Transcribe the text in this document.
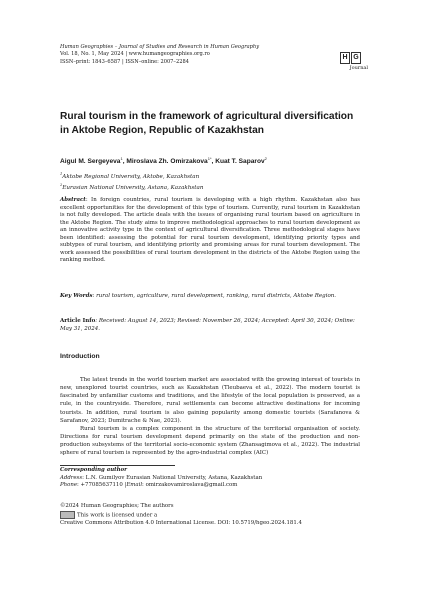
Human Geographies – Journal of Studies and Research in Human Geography
Vol. 18, No. 1, May 2024 | www.humangeographies.org.ro
ISSN–print: 1843–6587 | ISSN–online: 2007–2284
H G
Journal
Rural tourism in the framework of agricultural diversification in Aktobe Region, Republic of Kazakhstan
Aigul M. Sergeyeva$^1$, Miroslava Zh. Omirzakova$^{1*}$, Kuat T. Saparov$^2$
$^1$Aktobe Regional University, Aktobe, Kazakhstan
$^2$Eurasian National University, Astana, Kazakhstan
Abstract: In foreign countries, rural tourism is developing with a high rhythm. Kazakhstan also has excellent opportunities for the development of this type of tourism. Currently, rural tourism in Kazakhstan is not fully developed. The article deals with the issues of organising rural tourism based on agriculture in the Aktobe Region. The study aims to improve methodological approaches to rural tourism development as an innovative activity type in the context of agricultural diversification. Three methodological stages have been identified: assessing the potential for rural tourism development, identifying priority types and subtypes of rural tourism, and identifying priority and promising areas for rural tourism development. The work assessed the possibilities of rural tourism development in the districts of the Aktobe Region using the ranking method.
Key Words: rural tourism, agriculture, rural development, ranking, rural districts, Aktobe Region.
Article Info: Received: August 14, 2023; Revised: November 26, 2024; Accepted: April 30, 2024; Online: May 31, 2024.
Introduction

The latest trends in the world tourism market are associated with the growing interest of tourists in new, unexplored tourist countries, such as Kazakhstan (Tleubaeva et al., 2022). The modern tourist is fascinated by unfamiliar customs and traditions, and the lifestyle of the local population is preserved, as a rule, in the countryside. Therefore, rural settlements can become attractive destinations for incoming tourists. In addition, rural tourism is also gaining popularity among domestic tourists (Sarafanova & Sarafanov, 2023; Dumitrache & Nae, 2023).

Rural tourism is a complex component in the structure of the territorial organisation of society. Directions for rural tourism development depend primarily on the state of the production and non-production subsystems of the territorial socio-economic system (Zhansagimova et al., 2022). The industrial sphere of rural tourism is represented by the agro-industrial complex (AIC)

Corresponding author
Address: L.N. Gumilyov Eurasian National University, Astana, Kazakhstan
Phone: +77085637110 |Email: omirzakovamiroslava@gmail.com
©2024 Human Geographies; The authors
This work is licensed under a
Creative Commons Attribution 4.0 International License. DOI: 10.5719/hgeo.2024.181.4
